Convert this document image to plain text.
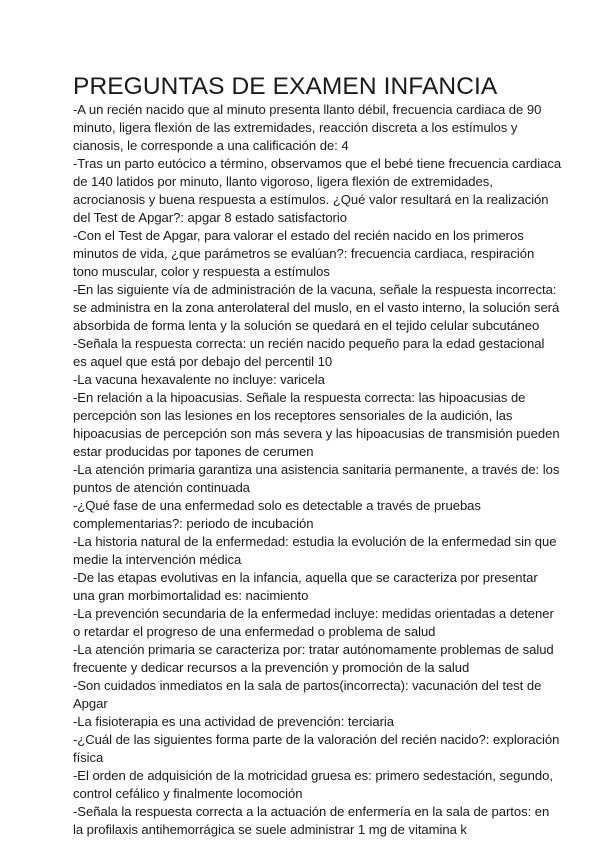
PREGUNTAS DE EXAMEN INFANCIA
-A un recién nacido que al minuto presenta llanto débil, frecuencia cardiaca de 90
minuto, ligera flexión de las extremidades, reacción discreta a los estímulos y
cianosis, le corresponde a una calificación de: 4
-Tras un parto eutócico a término, observamos que el bebé tiene frecuencia cardiaca
de 140 latidos por minuto, llanto vigoroso, ligera flexión de extremidades,
acrocianosis y buena respuesta a estímulos. ¿Qué valor resultará en la realización
del Test de Apgar?: apgar 8 estado satisfactorio
-Con el Test de Apgar, para valorar el estado del recién nacido en los primeros
minutos de vida, ¿que parámetros se evalúan?: frecuencia cardiaca, respiración
tono muscular, color y respuesta a estímulos
-En las siguiente vía de administración de la vacuna, señale la respuesta incorrecta:
se administra en la zona anterolateral del muslo, en el vasto interno, la solución será
absorbida de forma lenta y la solución se quedará en el tejido celular subcutáneo
-Señala la respuesta correcta: un recién nacido pequeño para la edad gestacional
es aquel que está por debajo del percentil 10
-La vacuna hexavalente no incluye: varicela
-En relación a la hipoacusias. Señale la respuesta correcta: las hipoacusias de
percepción son las lesiones en los receptores sensoriales de la audición, las
hipoacusias de percepción son más severa y las hipoacusias de transmisión pueden
estar producidas por tapones de cerumen
-La atención primaria garantiza una asistencia sanitaria permanente, a través de: los
puntos de atención continuada
-¿Qué fase de una enfermedad solo es detectable a través de pruebas
complementarias?: periodo de incubación
-La historia natural de la enfermedad: estudia la evolución de la enfermedad sin que
medie la intervención médica
-De las etapas evolutivas en la infancia, aquella que se caracteriza por presentar
una gran morbimortalidad es: nacimiento
-La prevención secundaria de la enfermedad incluye: medidas orientadas a detener
o retardar el progreso de una enfermedad o problema de salud
-La atención primaria se caracteriza por: tratar autónomamente problemas de salud
frecuente y dedicar recursos a la prevención y promoción de la salud
-Son cuidados inmediatos en la sala de partos(incorrecta): vacunación del test de
Apgar
-La fisioterapia es una actividad de prevención: terciaria
-¿Cuál de las siguientes forma parte de la valoración del recién nacido?: exploración
física
-El orden de adquisición de la motricidad gruesa es: primero sedestación, segundo,
control cefálico y finalmente locomoción
-Señala la respuesta correcta a la actuación de enfermería en la sala de partos: en
la profilaxis antihemorrágica se suele administrar 1 mg de vitamina k
